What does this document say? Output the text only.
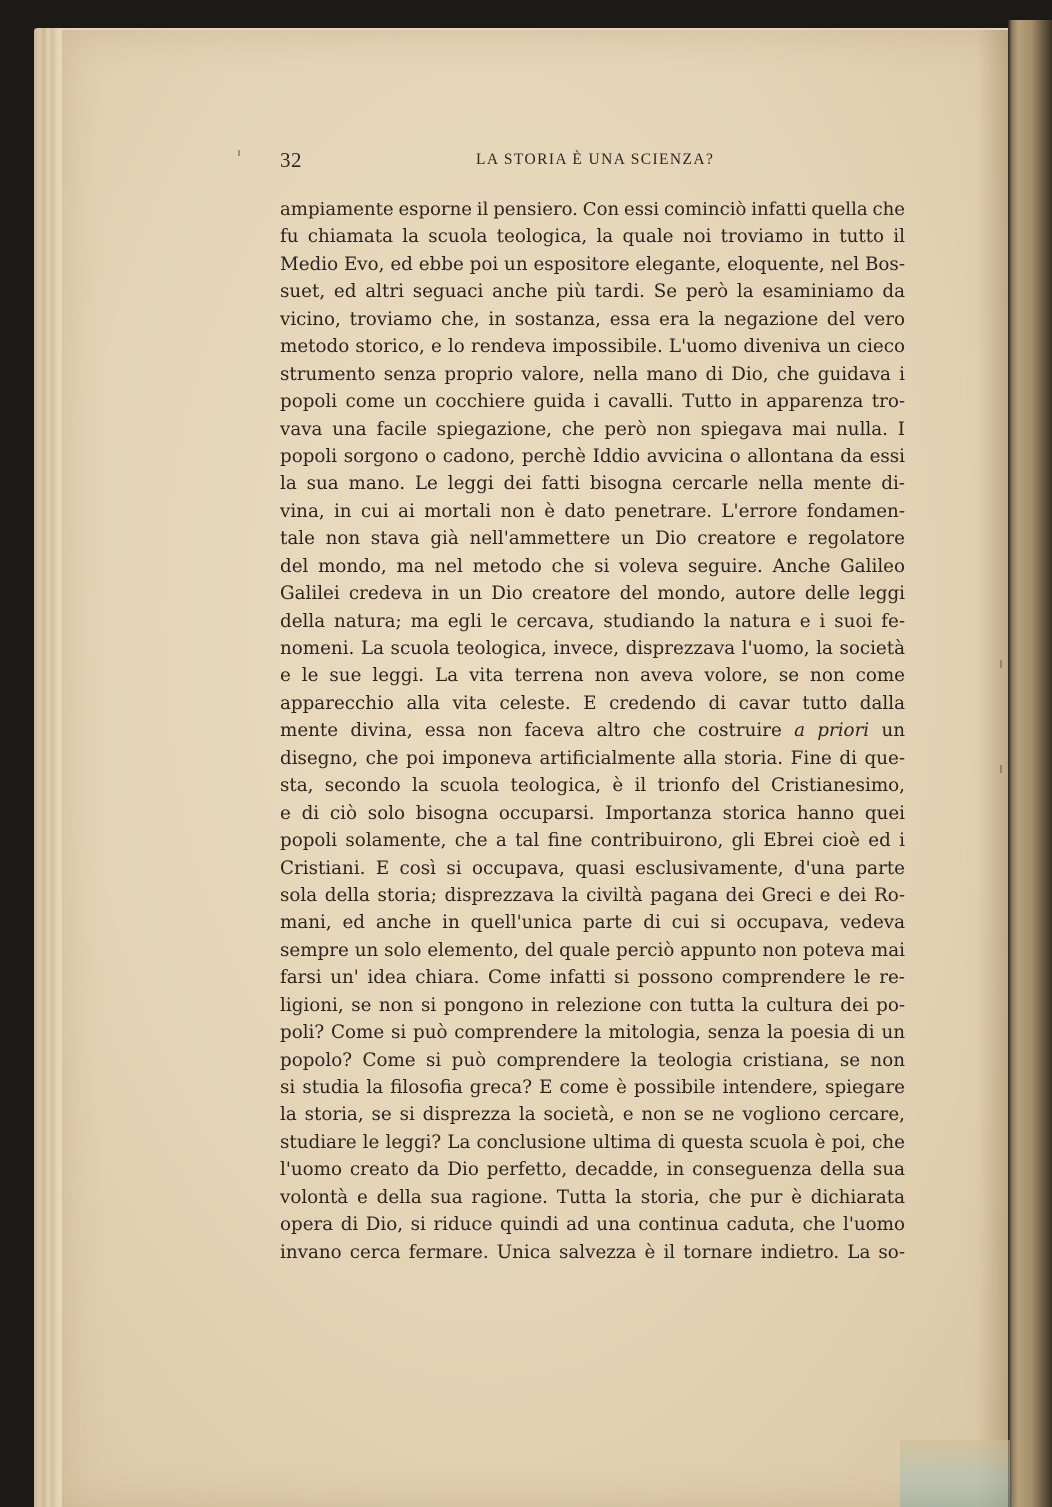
32	LA STORIA È UNA SCIENZA?
ampiamente esporne il pensiero. Con essi cominciò infatti quella che
fu chiamata la scuola teologica, la quale noi troviamo in tutto il
Medio Evo, ed ebbe poi un espositore elegante, eloquente, nel Bos-
suet, ed altri seguaci anche più tardi. Se però la esaminiamo da
vicino, troviamo che, in sostanza, essa era la negazione del vero
metodo storico, e lo rendeva impossibile. L'uomo diveniva un cieco
strumento senza proprio valore, nella mano di Dio, che guidava i
popoli come un cocchiere guida i cavalli. Tutto in apparenza tro-
vava una facile spiegazione, che però non spiegava mai nulla. I
popoli sorgono o cadono, perchè Iddio avvicina o allontana da essi
la sua mano. Le leggi dei fatti bisogna cercarle nella mente di-
vina, in cui ai mortali non è dato penetrare. L'errore fondamen-
tale non stava già nell'ammettere un Dio creatore e regolatore
del mondo, ma nel metodo che si voleva seguire. Anche Galileo
Galilei credeva in un Dio creatore del mondo, autore delle leggi
della natura; ma egli le cercava, studiando la natura e i suoi fe-
nomeni. La scuola teologica, invece, disprezzava l'uomo, la società
e le sue leggi. La vita terrena non aveva volore, se non come
apparecchio alla vita celeste. E credendo di cavar tutto dalla
mente divina, essa non faceva altro che costruire a priori un
disegno, che poi imponeva artificialmente alla storia. Fine di que-
sta, secondo la scuola teologica, è il trionfo del Cristianesimo,
e di ciò solo bisogna occuparsi. Importanza storica hanno quei
popoli solamente, che a tal fine contribuirono, gli Ebrei cioè ed i
Cristiani. E così si occupava, quasi esclusivamente, d'una parte
sola della storia; disprezzava la civiltà pagana dei Greci e dei Ro-
mani, ed anche in quell'unica parte di cui si occupava, vedeva
sempre un solo elemento, del quale perciò appunto non poteva mai
farsi un' idea chiara. Come infatti si possono comprendere le re-
ligioni, se non si pongono in relezione con tutta la cultura dei po-
poli? Come si può comprendere la mitologia, senza la poesia di un
popolo? Come si può comprendere la teologia cristiana, se non
si studia la filosofia greca? E come è possibile intendere, spiegare
la storia, se si disprezza la società, e non se ne vogliono cercare,
studiare le leggi? La conclusione ultima di questa scuola è poi, che
l'uomo creato da Dio perfetto, decadde, in conseguenza della sua
volontà e della sua ragione. Tutta la storia, che pur è dichiarata
opera di Dio, si riduce quindi ad una continua caduta, che l'uomo
invano cerca fermare. Unica salvezza è il tornare indietro. La so-
